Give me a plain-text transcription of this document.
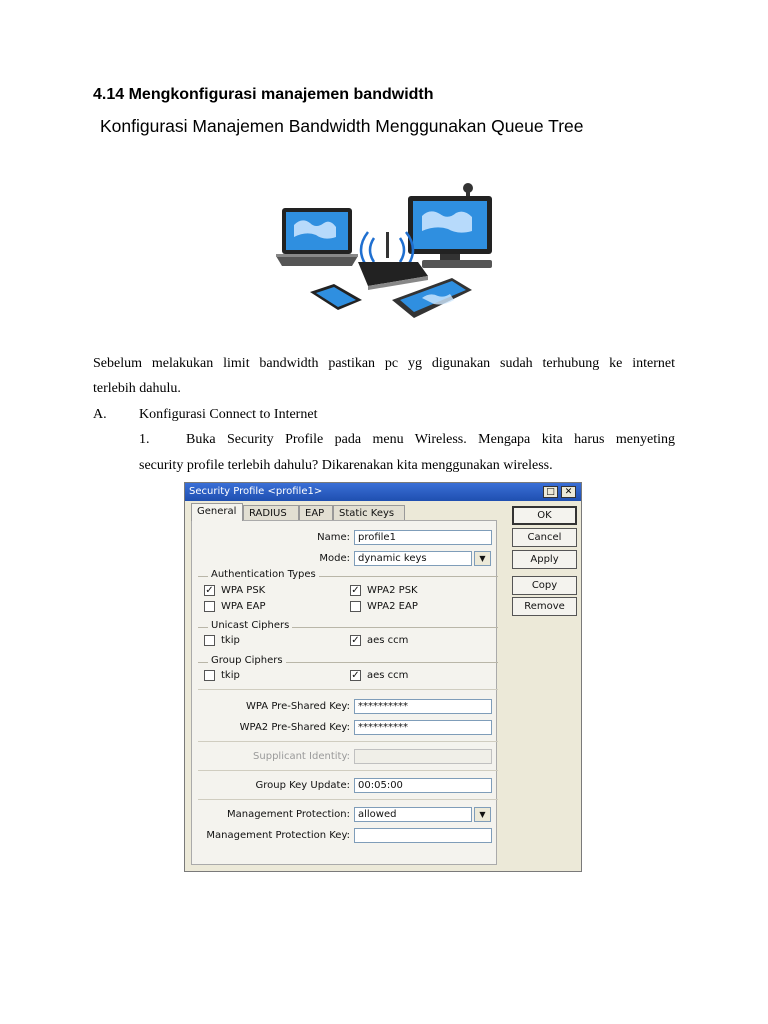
4.14 Mengkonfigurasi manajemen bandwidth
Konfigurasi Manajemen Bandwidth Menggunakan Queue Tree
Sebelum melakukan limit bandwidth pastikan pc yg digunakan sudah terhubung ke internet
terlebih dahulu.
A. Konfigurasi Connect to Internet
1.	Buka Security Profile pada menu Wireless. Mengapa kita harus menyeting
security profile terlebih dahulu? Dikarenakan kita menggunakan wireless.
Security Profile <profile1>	□	✕
General	RADIUS	EAP	Static Keys
Name: profile1
Mode: dynamic keys	▼
Authentication Types
✓ WPA PSK	✓ WPA2 PSK
WPA EAP	WPA2 EAP
Unicast Ciphers
tkip	✓ aes ccm
Group Ciphers
tkip	✓ aes ccm
WPA Pre-Shared Key: **********
WPA2 Pre-Shared Key: **********
Supplicant Identity:
Group Key Update: 00:05:00
Management Protection: allowed	▼
Management Protection Key:
OK
Cancel
Apply
Copy
Remove
